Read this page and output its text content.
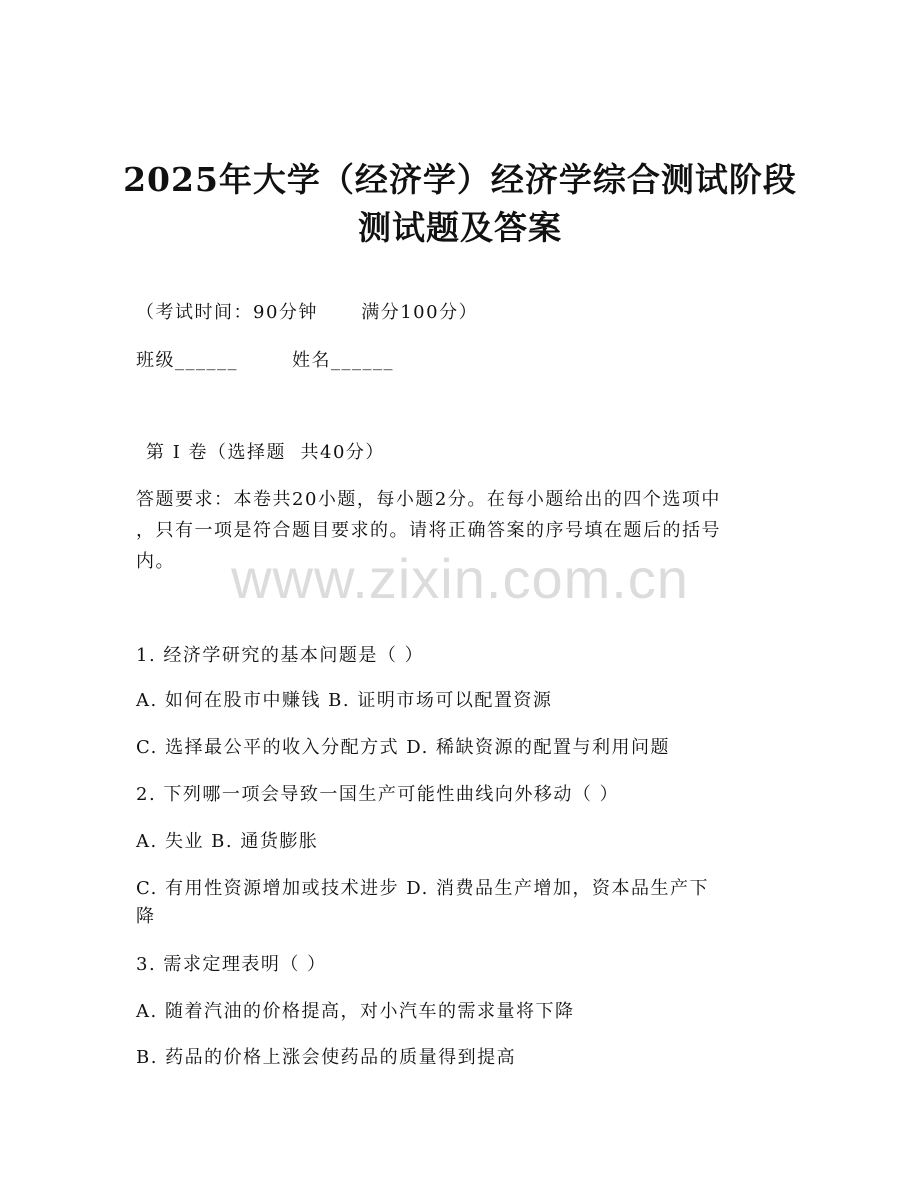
2025年大学（经济学）经济学综合测试阶段
测试题及答案
（考试时间：90分钟      满分100分）
班级______	姓名______
第 I 卷（选择题  共40分）
答题要求：本卷共20小题，每小题2分。在每小题给出的四个选项中
，只有一项是符合题目要求的。请将正确答案的序号填在题后的括号
内。	www.zixin.com.cn
1. 经济学研究的基本问题是（ ）
A. 如何在股市中赚钱 B. 证明市场可以配置资源
C. 选择最公平的收入分配方式 D. 稀缺资源的配置与利用问题
2. 下列哪一项会导致一国生产可能性曲线向外移动（ ）
A. 失业 B. 通货膨胀
C. 有用性资源增加或技术进步 D. 消费品生产增加，资本品生产下
降
3. 需求定理表明（ ）
A. 随着汽油的价格提高，对小汽车的需求量将下降
B. 药品的价格上涨会使药品的质量得到提高
